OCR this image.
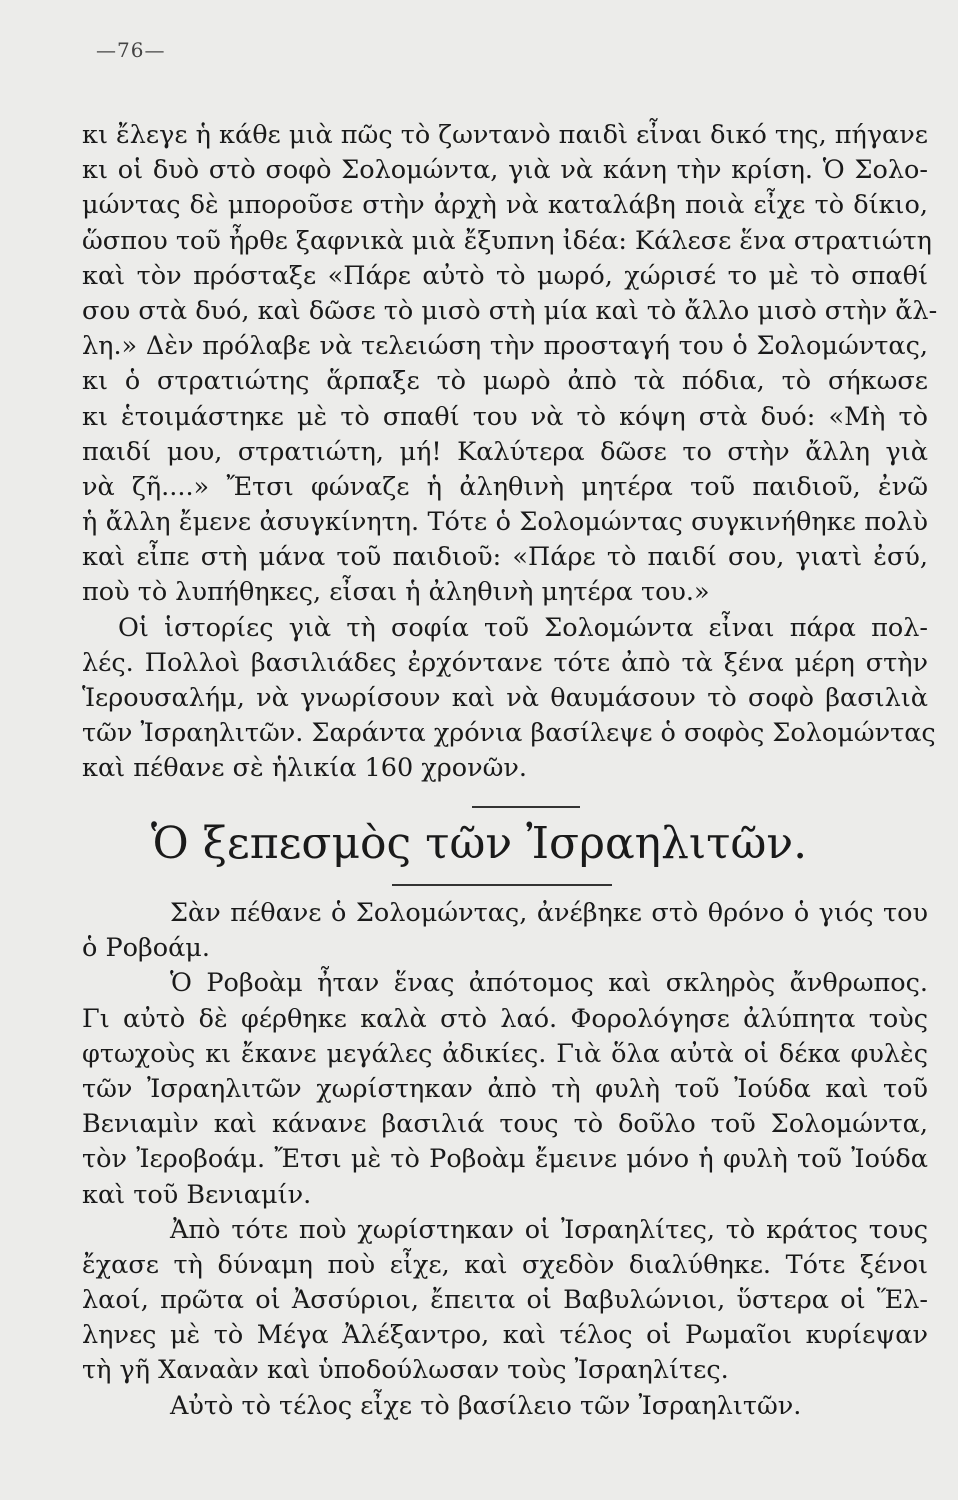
—76—
κι ἔλεγε ἡ κάθε μιὰ πῶς τὸ ζωντανὸ παιδὶ εἶναι δικό της, πήγανε
κι οἱ δυὸ στὸ σοφὸ Σολομώντα, γιὰ νὰ κάνη τὴν κρίση. Ὁ Σολο-
μώντας δὲ μποροῦσε στὴν ἀρχὴ νὰ καταλάβη ποιὰ εἶχε τὸ δίκιο,
ὥσπου τοῦ ἦρθε ξαφνικὰ μιὰ ἔξυπνη ἰδέα: Κάλεσε ἕνα στρατιώτη
καὶ τὸν πρόσταξε «Πάρε αὐτὸ τὸ μωρό, χώρισέ το μὲ τὸ σπαθί
σου στὰ δυό, καὶ δῶσε τὸ μισὸ στὴ μία καὶ τὸ ἄλλο μισὸ στὴν ἄλ-
λη.» Δὲν πρόλαβε νὰ τελειώση τὴν προσταγή του ὁ Σολομώντας,
κι ὁ στρατιώτης ἅρπαξε τὸ μωρὸ ἀπὸ τὰ πόδια, τὸ σήκωσε
κι ἑτοιμάστηκε μὲ τὸ σπαθί του νὰ τὸ κόψη στὰ δυό: «Μὴ τὸ
παιδί μου, στρατιώτη, μή! Καλύτερα δῶσε το στὴν ἄλλη γιὰ
νὰ ζῆ....» Ἔτσι φώναζε ἡ ἀληθινὴ μητέρα τοῦ παιδιοῦ, ἐνῶ
ἡ ἄλλη ἔμενε ἀσυγκίνητη. Τότε ὁ Σολομώντας συγκινήθηκε πολὺ
καὶ εἶπε στὴ μάνα τοῦ παιδιοῦ: «Πάρε τὸ παιδί σου, γιατὶ ἐσύ,
ποὺ τὸ λυπήθηκες, εἶσαι ἡ ἀληθινὴ μητέρα του.»
Οἱ ἱστορίες γιὰ τὴ σοφία τοῦ Σολομώντα εἶναι πάρα πολ-
λές. Πολλοὶ βασιλιάδες ἐρχόντανε τότε ἀπὸ τὰ ξένα μέρη στὴν
Ἱερουσαλήμ, νὰ γνωρίσουν καὶ νὰ θαυμάσουν τὸ σοφὸ βασιλιὰ
τῶν Ἰσραηλιτῶν. Σαράντα χρόνια βασίλεψε ὁ σοφὸς Σολομώντας
καὶ πέθανε σὲ ἡλικία 160 χρονῶν.
Ὁ ξεπεσμὸς τῶν Ἰσραηλιτῶν.
Σὰν πέθανε ὁ Σολομώντας, ἀνέβηκε στὸ θρόνο ὁ γιός του
ὁ Ροβοάμ.
Ὁ Ροβοὰμ ἦταν ἕνας ἀπότομος καὶ σκληρὸς ἄνθρωπος.
Γι αὐτὸ δὲ φέρθηκε καλὰ στὸ λαό. Φορολόγησε ἀλύπητα τοὺς
φτωχοὺς κι ἔκανε μεγάλες ἀδικίες. Γιὰ ὅλα αὐτὰ οἱ δέκα φυλὲς
τῶν Ἰσραηλιτῶν χωρίστηκαν ἀπὸ τὴ φυλὴ τοῦ Ἰούδα καὶ τοῦ
Βενιαμὶν καὶ κάνανε βασιλιά τους τὸ δοῦλο τοῦ Σολομώντα,
τὸν Ἰεροβοάμ. Ἔτσι μὲ τὸ Ροβοὰμ ἔμεινε μόνο ἡ φυλὴ τοῦ Ἰούδα
καὶ τοῦ Βενιαμίν.
Ἀπὸ τότε ποὺ χωρίστηκαν οἱ Ἰσραηλίτες, τὸ κράτος τους
ἔχασε τὴ δύναμη ποὺ εἶχε, καὶ σχεδὸν διαλύθηκε. Τότε ξένοι
λαοί, πρῶτα οἱ Ἀσσύριοι, ἔπειτα οἱ Βαβυλώνιοι, ὕστερα οἱ Ἕλ-
ληνες μὲ τὸ Μέγα Ἀλέξαντρο, καὶ τέλος οἱ Ρωμαῖοι κυρίεψαν
τὴ γῆ Χαναὰν καὶ ὑποδούλωσαν τοὺς Ἰσραηλίτες.
Αὐτὸ τὸ τέλος εἶχε τὸ βασίλειο τῶν Ἰσραηλιτῶν.
